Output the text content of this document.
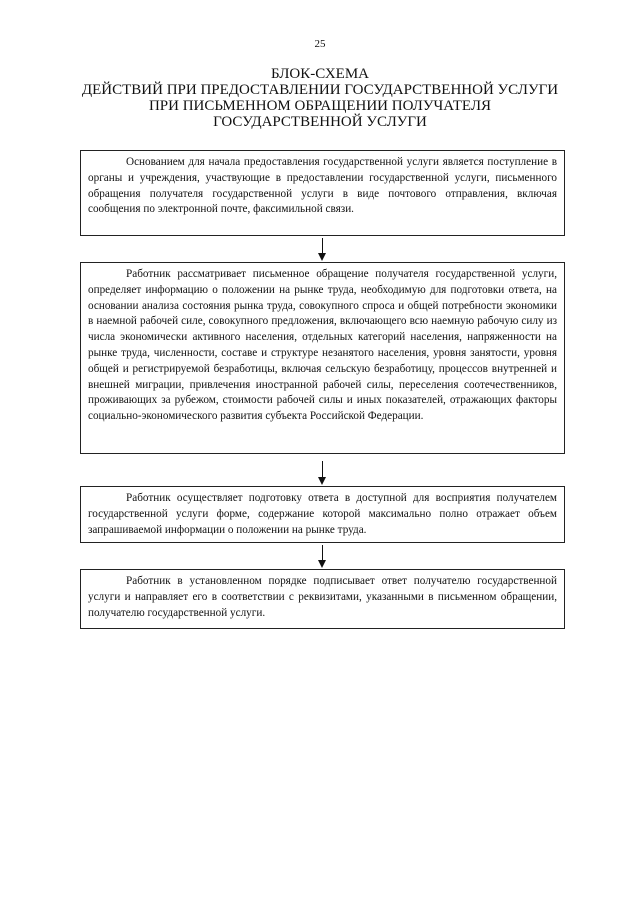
25
БЛОК-СХЕМА
ДЕЙСТВИЙ ПРИ ПРЕДОСТАВЛЕНИИ ГОСУДАРСТВЕННОЙ УСЛУГИ
ПРИ ПИСЬМЕННОМ ОБРАЩЕНИИ ПОЛУЧАТЕЛЯ
ГОСУДАРСТВЕННОЙ УСЛУГИ

Основанием для начала предоставления государственной услуги является поступление в органы и учреждения, участвующие в предоставлении государственной услуги, письменного обращения получателя государственной услуги в виде почтового отправления, включая сообщения по электронной почте, факсимильной связи.

Работник рассматривает письменное обращение получателя государственной услуги, определяет информацию о положении на рынке труда, необходимую для подготовки ответа, на основании анализа состояния рынка труда, совокупного спроса и общей потребности экономики в наемной рабочей силе, совокупного предложения, включающего всю наемную рабочую силу из числа экономически активного населения, отдельных категорий населения, напряженности на рынке труда, численности, составе и структуре незанятого населения, уровня занятости, уровня общей и регистрируемой безработицы, включая сельскую безработицу, процессов внутренней и внешней миграции, привлечения иностранной рабочей силы, переселения соотечественников, проживающих за рубежом, стоимости рабочей силы и иных показателей, отражающих факторы социально-экономического развития субъекта Российской Федерации.

Работник осуществляет подготовку ответа в доступной для восприятия получателем государственной услуги форме, содержание которой максимально полно отражает объем запрашиваемой информации о положении на рынке труда.

Работник в установленном порядке подписывает ответ получателю государственной услуги и направляет его в соответствии с реквизитами, указанными в письменном обращении, получателю государственной услуги.
